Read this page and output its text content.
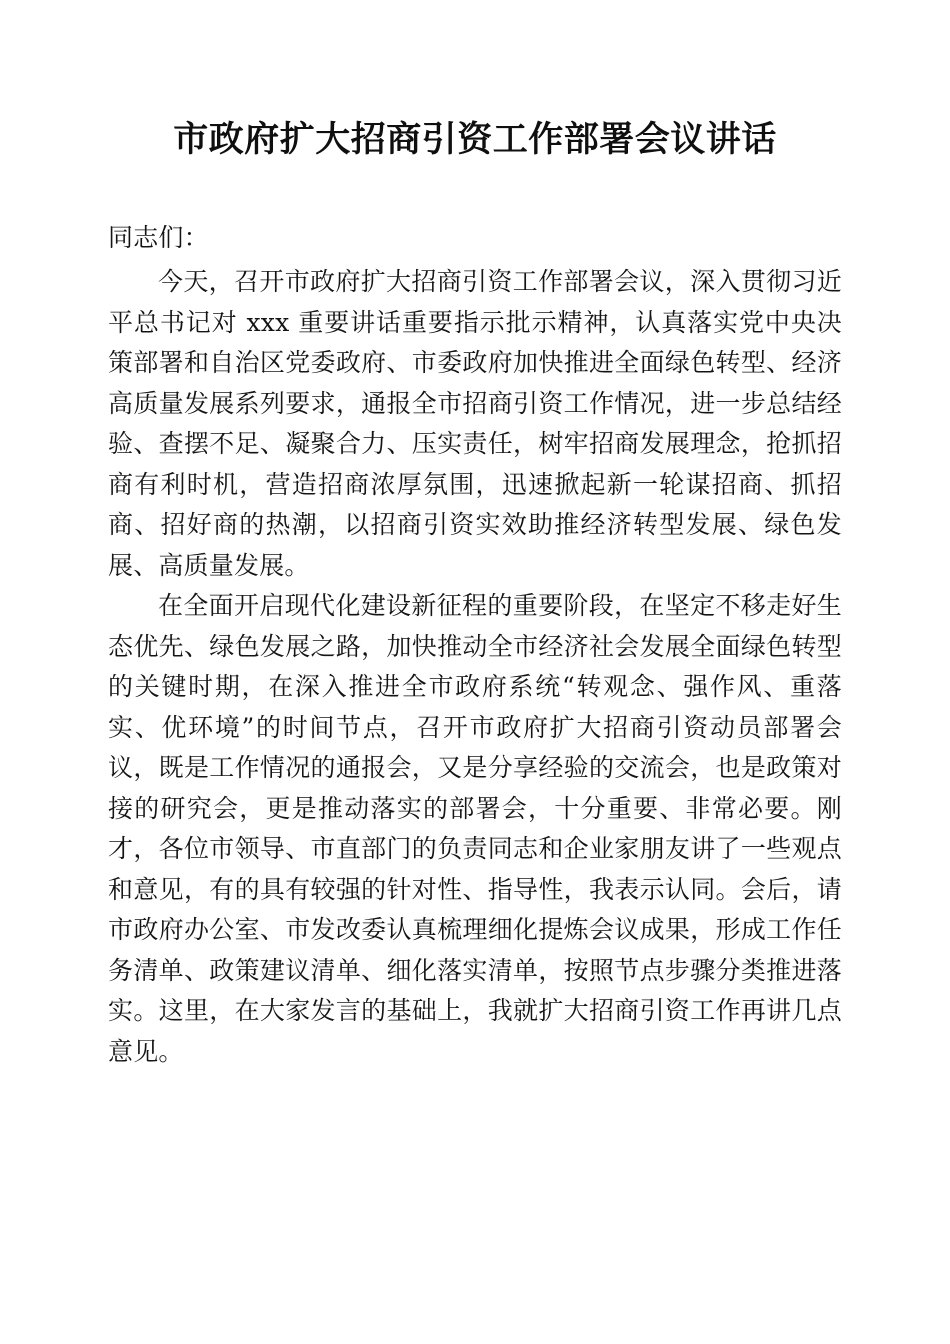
市政府扩大招商引资工作部署会议讲话

同志们：

今天，召开市政府扩大招商引资工作部署会议，深入贯彻习近平总书记对 xxx 重要讲话重要指示批示精神，认真落实党中央决策部署和自治区党委政府、市委政府加快推进全面绿色转型、经济高质量发展系列要求，通报全市招商引资工作情况，进一步总结经验、查摆不足、凝聚合力、压实责任，树牢招商发展理念，抢抓招商有利时机，营造招商浓厚氛围，迅速掀起新一轮谋招商、抓招商、招好商的热潮，以招商引资实效助推经济转型发展、绿色发展、高质量发展。

在全面开启现代化建设新征程的重要阶段，在坚定不移走好生态优先、绿色发展之路，加快推动全市经济社会发展全面绿色转型的关键时期，在深入推进全市政府系统“转观念、强作风、重落实、优环境”的时间节点，召开市政府扩大招商引资动员部署会议，既是工作情况的通报会，又是分享经验的交流会，也是政策对接的研究会，更是推动落实的部署会，十分重要、非常必要。刚才，各位市领导、市直部门的负责同志和企业家朋友讲了一些观点和意见，有的具有较强的针对性、指导性，我表示认同。会后，请市政府办公室、市发改委认真梳理细化提炼会议成果，形成工作任务清单、政策建议清单、细化落实清单，按照节点步骤分类推进落实。这里，在大家发言的基础上，我就扩大招商引资工作再讲几点意见。
